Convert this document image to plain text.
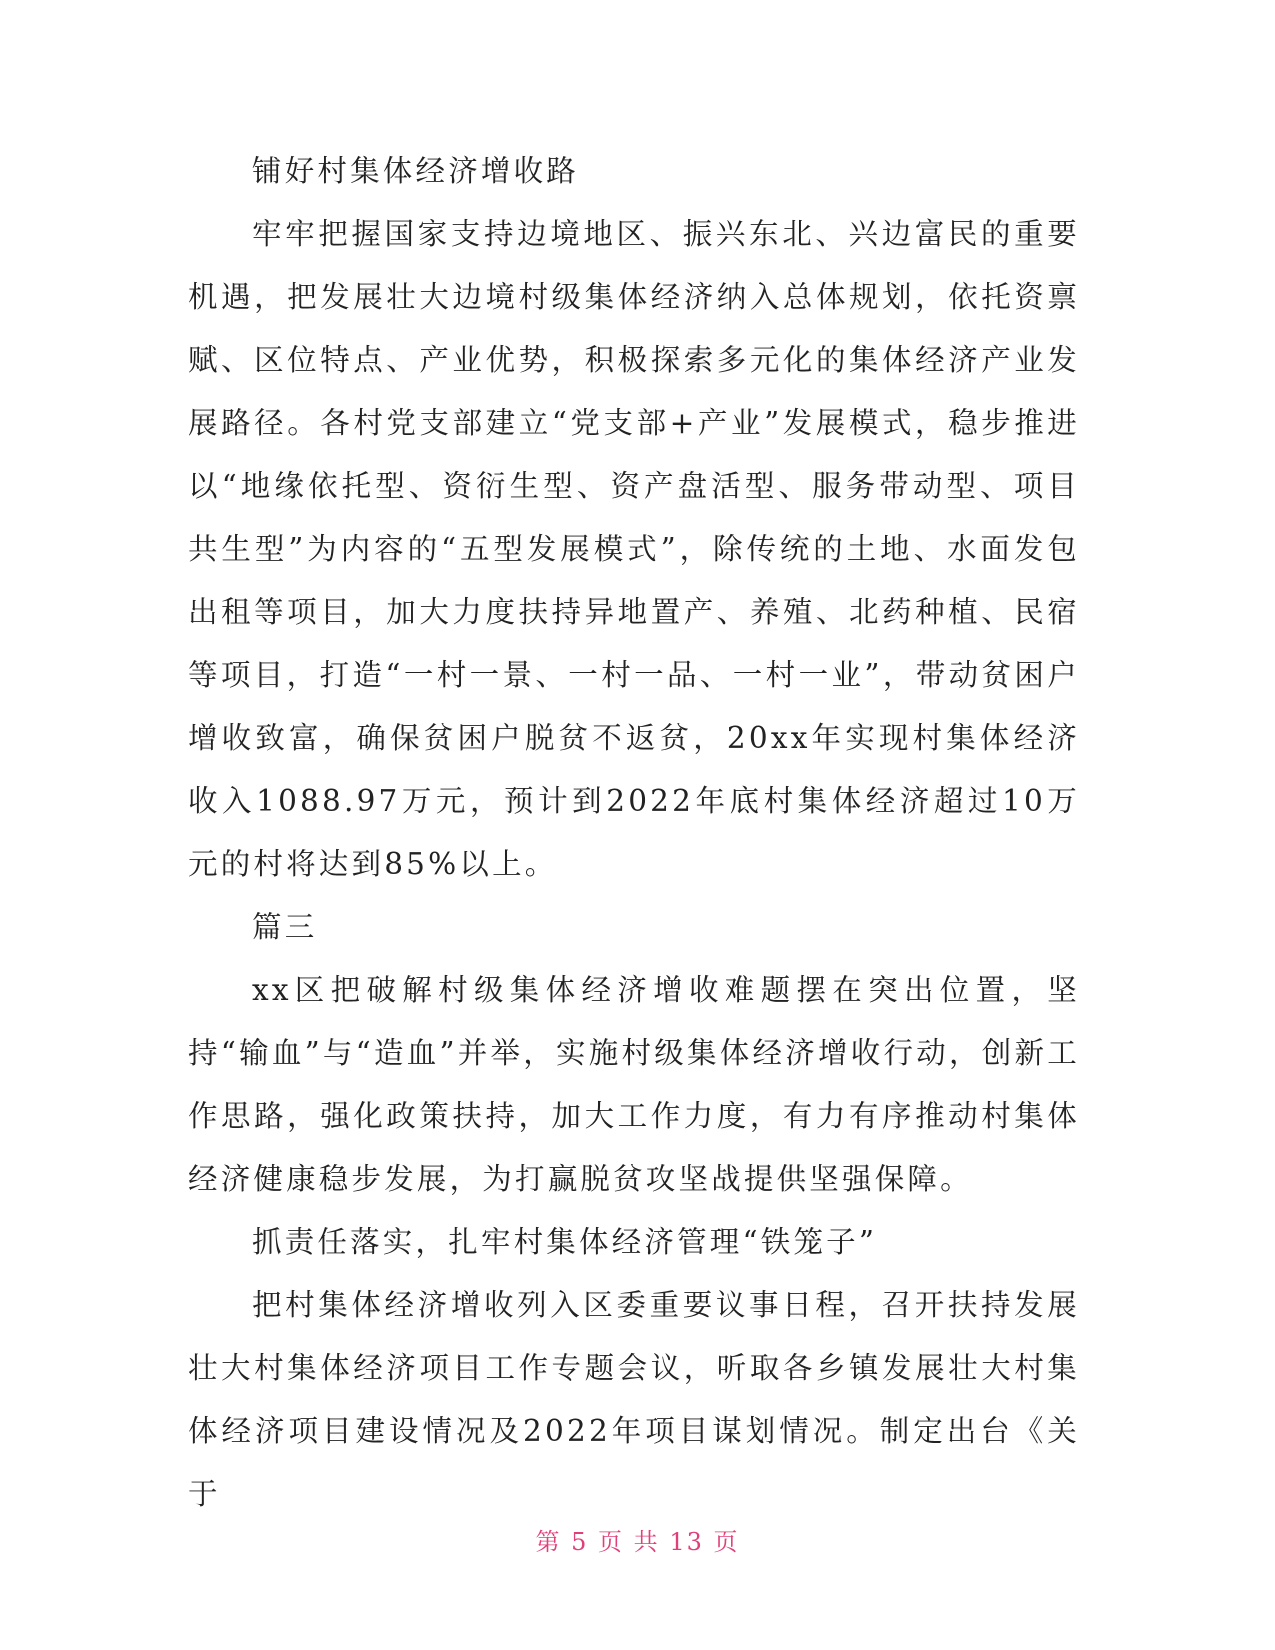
铺好村集体经济增收路

牢牢把握国家支持边境地区、振兴东北、兴边富民的重要机遇，把发展壮大边境村级集体经济纳入总体规划，依托资禀赋、区位特点、产业优势，积极探索多元化的集体经济产业发展路径。各村党支部建立“党支部+产业”发展模式，稳步推进以“地缘依托型、资衍生型、资产盘活型、服务带动型、项目共生型”为内容的“五型发展模式”，除传统的土地、水面发包出租等项目，加大力度扶持异地置产、养殖、北药种植、民宿等项目，打造“一村一景、一村一品、一村一业”，带动贫困户增收致富，确保贫困户脱贫不返贫，20xx年实现村集体经济收入1088.97万元，预计到2022年底村集体经济超过10万元的村将达到85%以上。

篇三

xx区把破解村级集体经济增收难题摆在突出位置，坚持“输血”与“造血”并举，实施村级集体经济增收行动，创新工作思路，强化政策扶持，加大工作力度，有力有序推动村集体经济健康稳步发展，为打赢脱贫攻坚战提供坚强保障。

抓责任落实，扎牢村集体经济管理“铁笼子”

把村集体经济增收列入区委重要议事日程，召开扶持发展壮大村集体经济项目工作专题会议，听取各乡镇发展壮大村集体经济项目建设情况及2022年项目谋划情况。制定出台《关于

第 5 页 共 13 页
